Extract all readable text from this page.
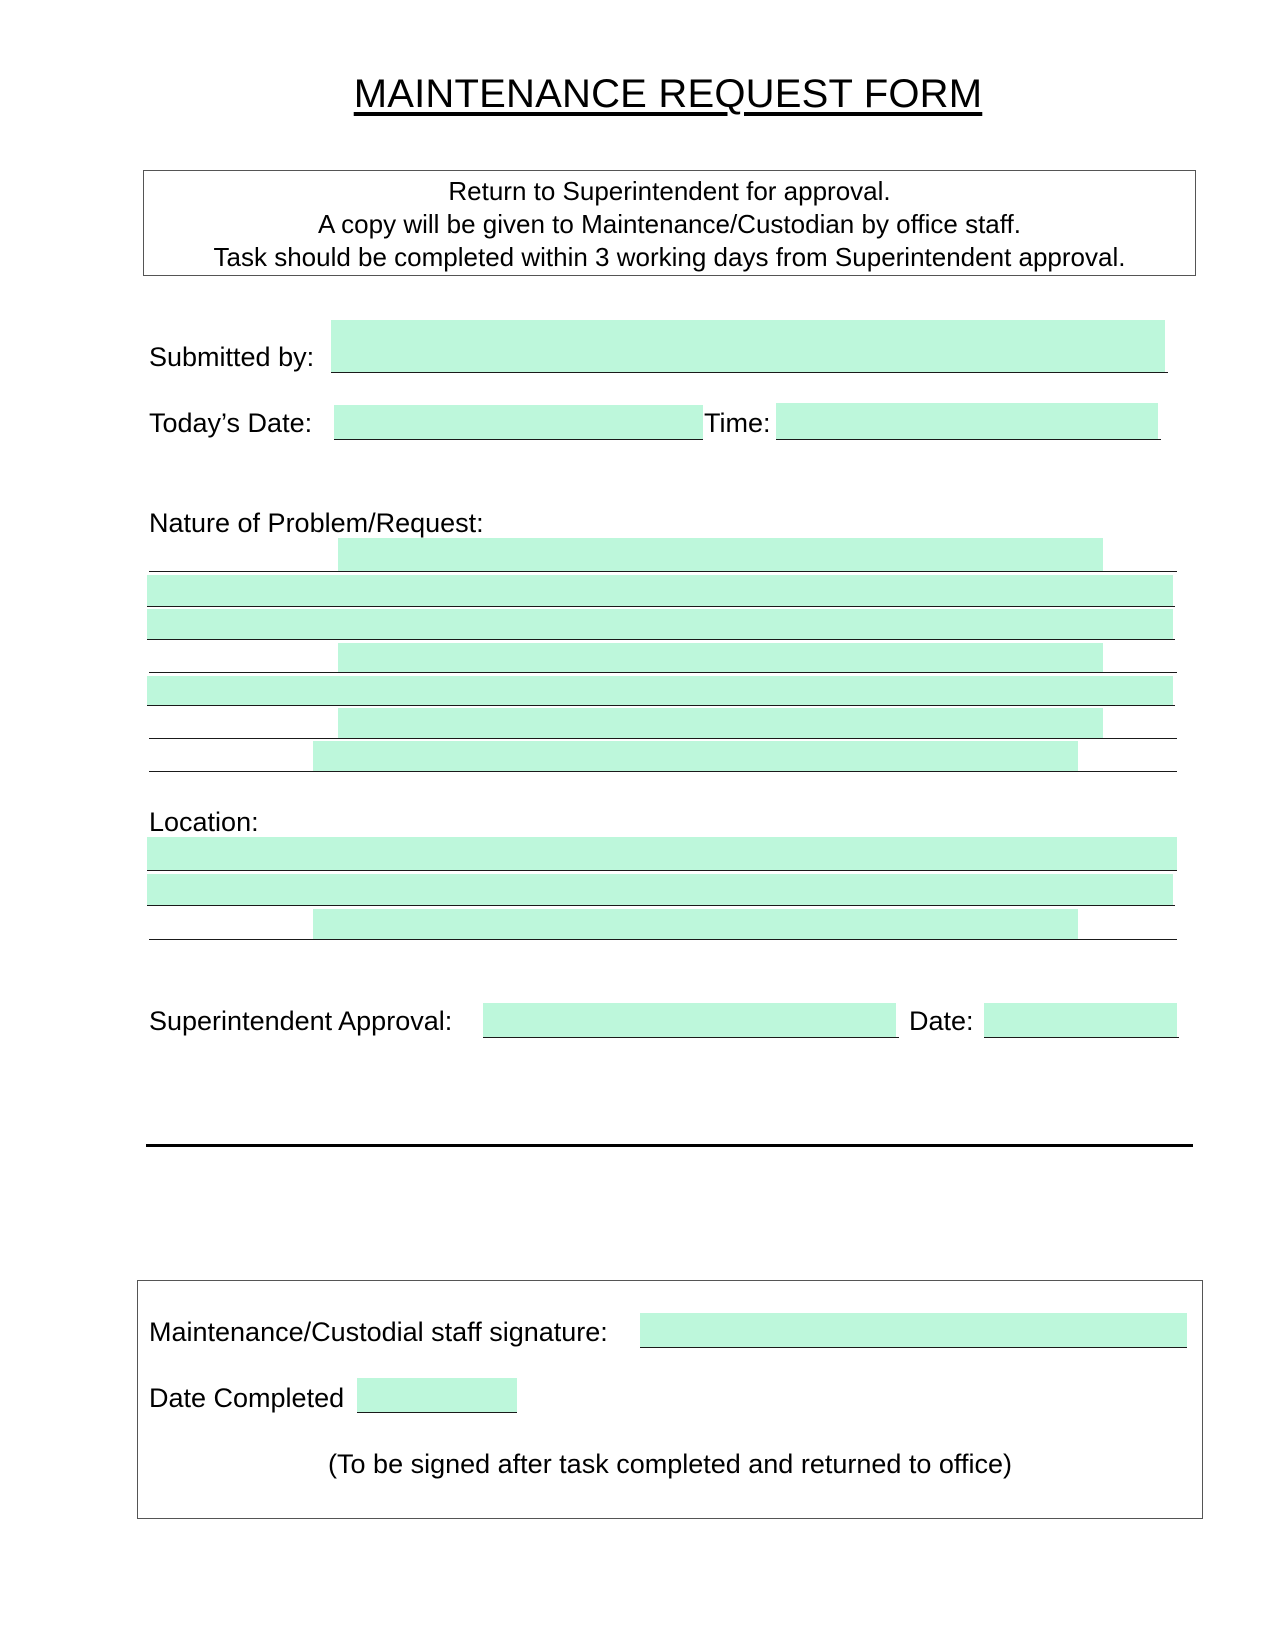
MAINTENANCE REQUEST FORM
Return to Superintendent for approval.
A copy will be given to Maintenance/Custodian by office staff.
Task should be completed within 3 working days from Superintendent approval.
Submitted by:
Today’s Date:	Time:
Nature of Problem/Request:
Location:
Superintendent Approval:	Date:
Maintenance/Custodial staff signature:
Date Completed
(To be signed after task completed and returned to office)
